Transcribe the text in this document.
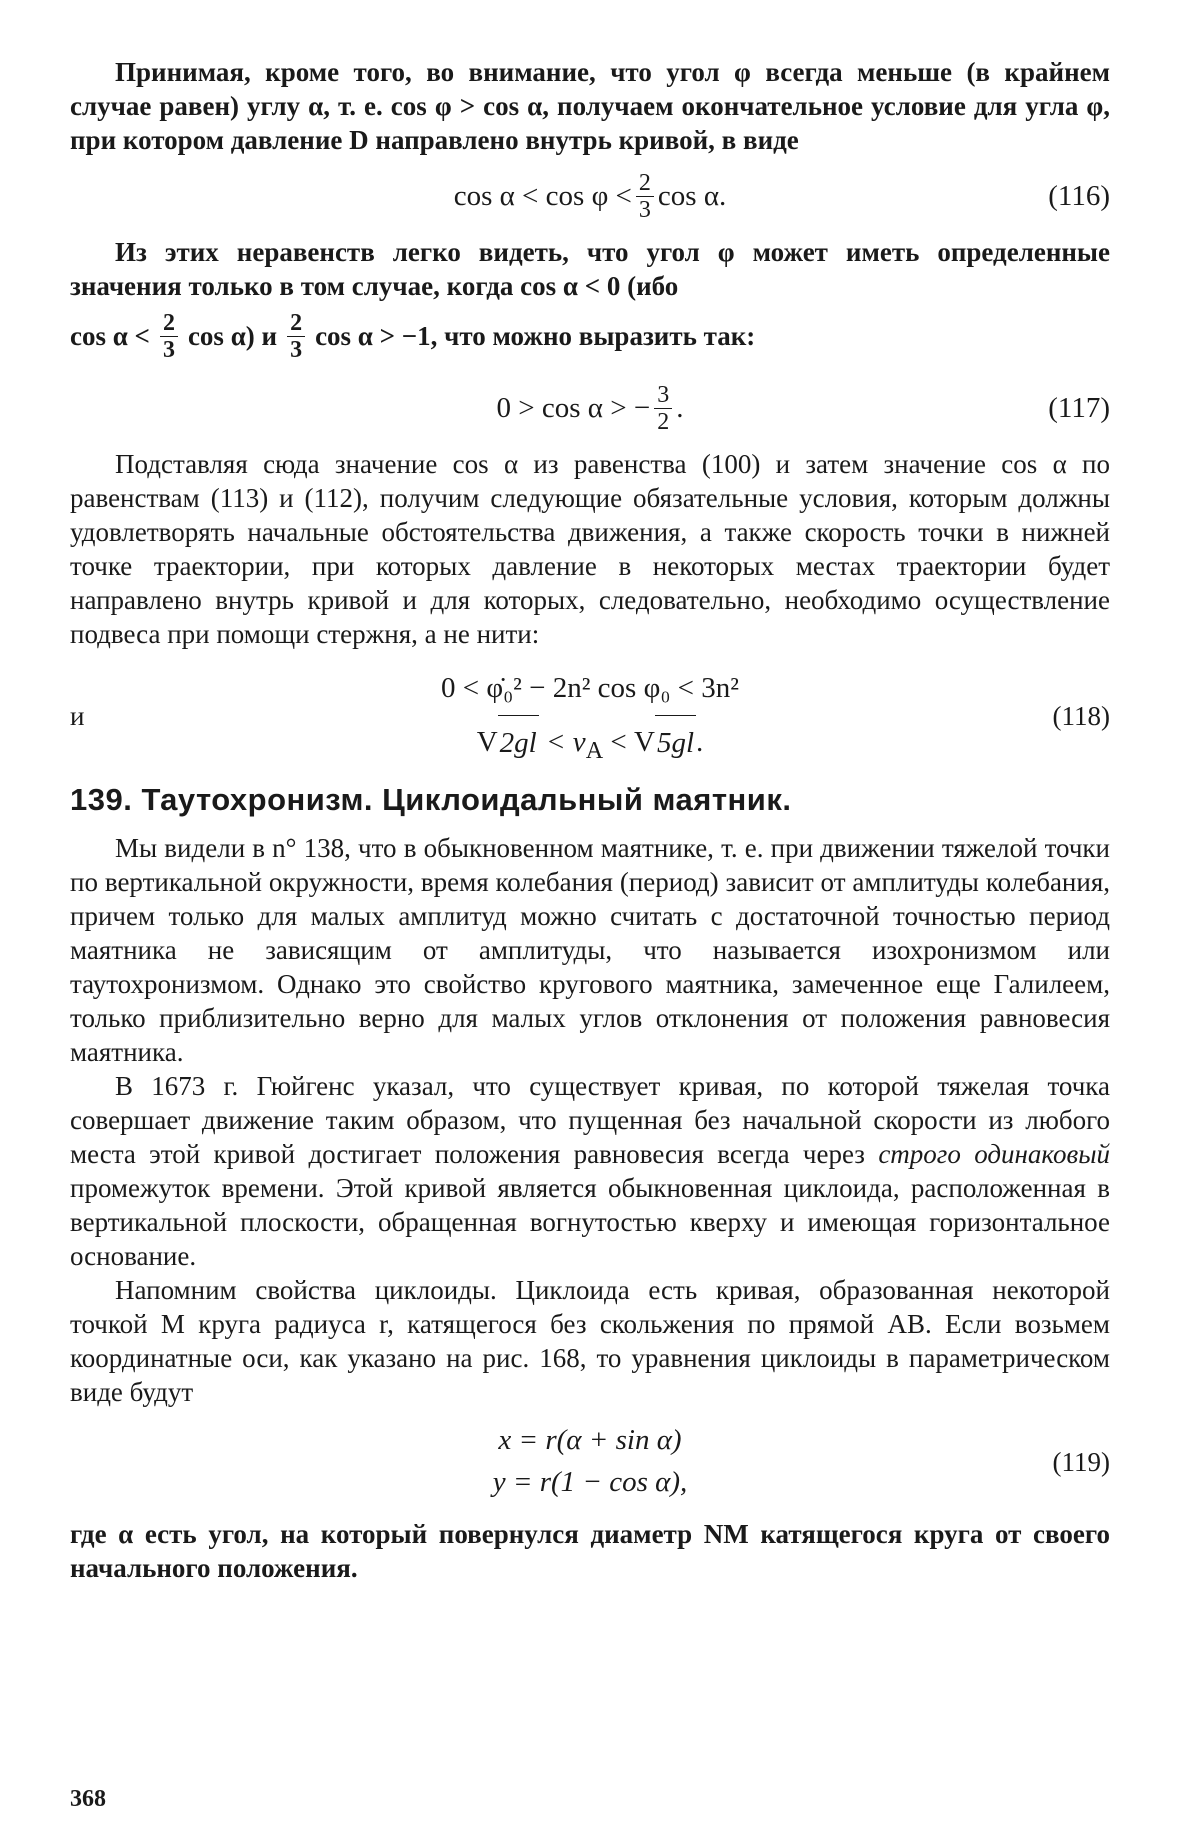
Принимая, кроме того, во внимание, что угол φ всегда меньше (в крайнем случае равен) углу α, т. е. cos φ > cos α, получаем окончательное условие для угла φ, при котором давление D направлено внутрь кривой, в виде

$\cos \alpha < \cos \varphi < \frac{2}{3}$ cos α.	(116)

Из этих неравенств легко видеть, что угол φ может иметь определенные значения только в том случае, когда cos α < 0 (ибо

$\cos \alpha < \frac{2}{3}$ cos α) и $\frac{2}{3}$ cos α > −1, что можно выразить так:
0 > cos α > − $\frac{3}{2}$ .	(117)

Подставляя сюда значение cos α из равенства (100) и затем значение cos α по равенствам (113) и (112), получим следующие обязательные условия, которым должны удовлетворять начальные обстоятельства движения, а также скорость точки в нижней точке траектории, при которых давление в некоторых местах траектории будет направлено внутрь кривой и для которых, следовательно, необходимо осуществление подвеса при помощи стержня, а не нити:

и
0 < φ̇₀² − 2n² cos φ₀ < 3n²
V $2gl < v_A < V$ 5gl .
(118)
139. Таутохронизм. Циклоидальный маятник.

Мы видели в n° 138, что в обыкновенном маятнике, т. е. при движении тяжелой точки по вертикальной окружности, время колебания (период) зависит от амплитуды колебания, причем только для малых амплитуд можно считать с достаточной точностью период маятника не зависящим от амплитуды, что называется изохронизмом или таутохронизмом. Однако это свойство кругового маятника, замеченное еще Галилеем, только приблизительно верно для малых углов отклонения от положения равновесия маятника.

В 1673 г. Гюйгенс указал, что существует кривая, по которой тяжелая точка совершает движение таким образом, что пущенная без начальной скорости из любого места этой кривой достигает положения равновесия всегда через строго одинаковый промежуток времени. Этой кривой является обыкновенная циклоида, расположенная в вертикальной плоскости, обращенная вогнутостью кверху и имеющая горизонтальное основание.

Напомним свойства циклоиды. Циклоида есть кривая, образованная некоторой точкой M круга радиуса r, катящегося без скольжения по прямой AB. Если возьмем координатные оси, как указано на рис. 168, то уравнения циклоиды в параметрическом виде будут

x = r(α + sin α)
y = r(1 − cos α),
(119)

где α есть угол, на который повернулся диаметр NM катящегося круга от своего начального положения.

368
